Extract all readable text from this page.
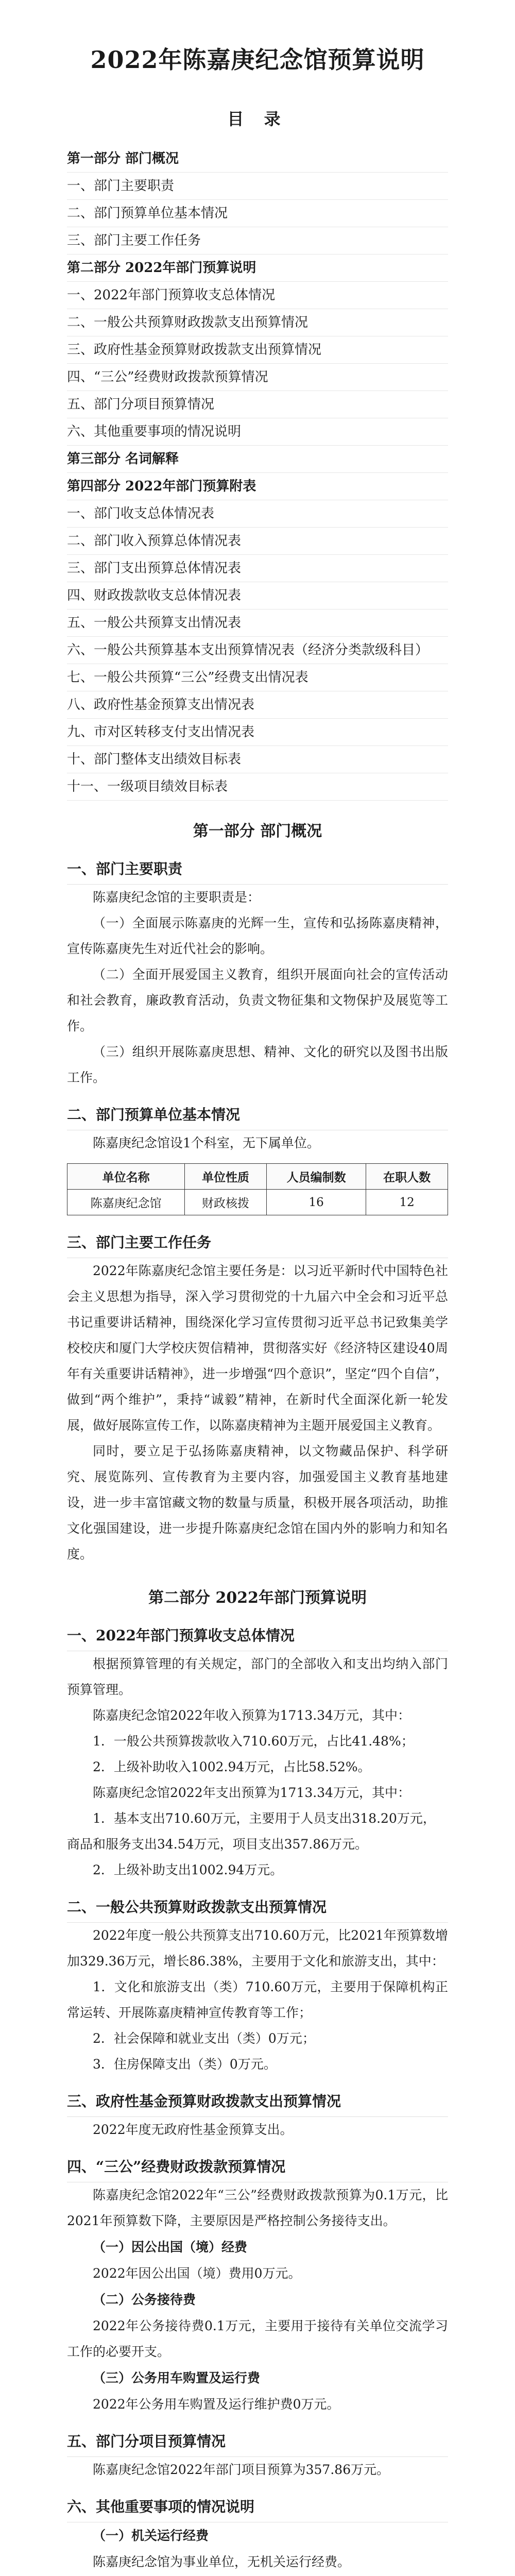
2022年陈嘉庚纪念馆预算说明
目 录
第一部分 部门概况
一、部门主要职责
二、部门预算单位基本情况
三、部门主要工作任务
第二部分 2022年部门预算说明
一、2022年部门预算收支总体情况
二、一般公共预算财政拨款支出预算情况
三、政府性基金预算财政拨款支出预算情况
四、“三公”经费财政拨款预算情况
五、部门分项目预算情况
六、其他重要事项的情况说明
第三部分 名词解释
第四部分 2022年部门预算附表
一、部门收支总体情况表
二、部门收入预算总体情况表
三、部门支出预算总体情况表
四、财政拨款收支总体情况表
五、一般公共预算支出情况表
六、一般公共预算基本支出预算情况表（经济分类款级科目）
七、一般公共预算“三公”经费支出情况表
八、政府性基金预算支出情况表
九、市对区转移支付支出情况表
十、部门整体支出绩效目标表
十一、一级项目绩效目标表
第一部分 部门概况
一、部门主要职责

陈嘉庚纪念馆的主要职责是：

（一）全面展示陈嘉庚的光辉一生，宣传和弘扬陈嘉庚精神，宣传陈嘉庚先生对近代社会的影响。

（二）全面开展爱国主义教育，组织开展面向社会的宣传活动和社会教育，廉政教育活动，负责文物征集和文物保护及展览等工作。

（三）组织开展陈嘉庚思想、精神、文化的研究以及图书出版工作。

二、部门预算单位基本情况

陈嘉庚纪念馆设1个科室，无下属单位。

单位名称	单位性质	人员编制数	在职人数
陈嘉庚纪念馆	财政核拨	16	12
三、部门主要工作任务

2022年陈嘉庚纪念馆主要任务是：以习近平新时代中国特色社会主义思想为指导，深入学习贯彻党的十九届六中全会和习近平总书记重要讲话精神，围绕深化学习宣传贯彻习近平总书记致集美学校校庆和厦门大学校庆贺信精神，贯彻落实好《经济特区建设40周年有关重要讲话精神》，进一步增强“四个意识”，坚定“四个自信”，做到“两个维护”，秉持“诚毅”精神，在新时代全面深化新一轮发展，做好展陈宣传工作，以陈嘉庚精神为主题开展爱国主义教育。

同时，要立足于弘扬陈嘉庚精神，以文物藏品保护、科学研究、展览陈列、宣传教育为主要内容，加强爱国主义教育基地建设，进一步丰富馆藏文物的数量与质量，积极开展各项活动，助推文化强国建设，进一步提升陈嘉庚纪念馆在国内外的影响力和知名度。

第二部分 2022年部门预算说明
一、2022年部门预算收支总体情况

根据预算管理的有关规定，部门的全部收入和支出均纳入部门预算管理。

陈嘉庚纪念馆2022年收入预算为1713.34万元，其中：

1．一般公共预算拨款收入710.60万元，占比41.48%；

2．上级补助收入1002.94万元，占比58.52%。

陈嘉庚纪念馆2022年支出预算为1713.34万元，其中：

1．基本支出710.60万元，主要用于人员支出318.20万元，商品和服务支出34.54万元，项目支出357.86万元。

2．上级补助支出1002.94万元。

二、一般公共预算财政拨款支出预算情况

2022年度一般公共预算支出710.60万元，比2021年预算数增加329.36万元，增长86.38%，主要用于文化和旅游支出，其中：

1．文化和旅游支出（类）710.60万元，主要用于保障机构正常运转、开展陈嘉庚精神宣传教育等工作；

2．社会保障和就业支出（类）0万元；

3．住房保障支出（类）0万元。

三、政府性基金预算财政拨款支出预算情况

2022年度无政府性基金预算支出。

四、“三公”经费财政拨款预算情况

陈嘉庚纪念馆2022年“三公”经费财政拨款预算为0.1万元，比2021年预算数下降，主要原因是严格控制公务接待支出。

（一）因公出国（境）经费

2022年因公出国（境）费用0万元。

（二）公务接待费

2022年公务接待费0.1万元，主要用于接待有关单位交流学习工作的必要开支。

（三）公务用车购置及运行费

2022年公务用车购置及运行维护费0万元。

五、部门分项目预算情况

陈嘉庚纪念馆2022年部门项目预算为357.86万元。

六、其他重要事项的情况说明
（一）机关运行经费

陈嘉庚纪念馆为事业单位，无机关运行经费。
